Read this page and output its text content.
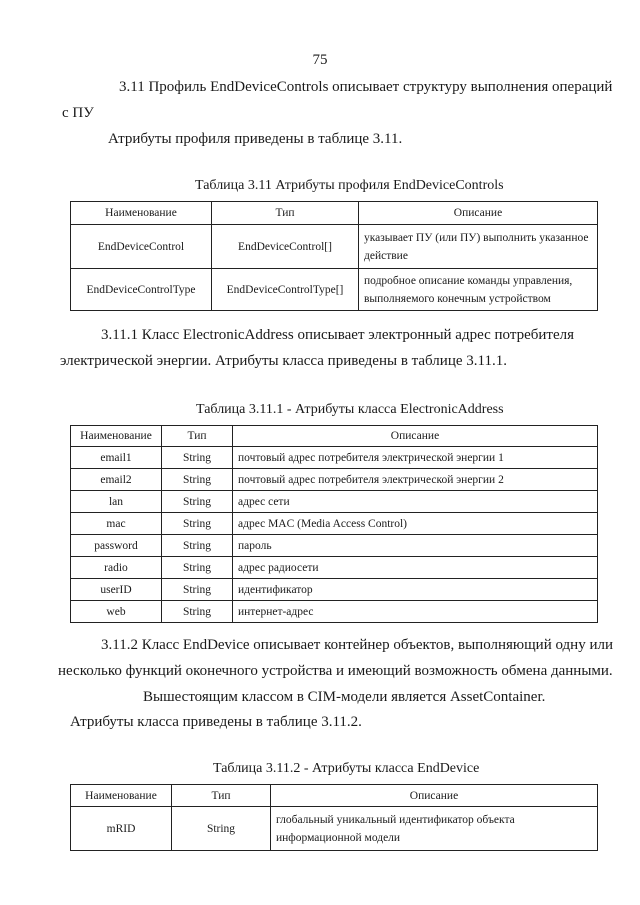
75
3.11 Профиль EndDeviceControls описывает структуру выполнения операций
с ПУ
Атрибуты профиля приведены в таблице 3.11.
Таблица 3.11 Атрибуты профиля EndDeviceControls
Наименование	Тип	Описание
EndDeviceControl	EndDeviceControl[]	указывает ПУ (или ПУ) выполнить указанное
действие

EndDeviceControlType	EndDeviceControlType[]	подробное описание команды управления,
выполняемого конечным устройством
3.11.1 Класс ElectronicAddress описывает электронный адрес потребителя
электрической энергии. Атрибуты класса приведены в таблице 3.11.1.
Таблица 3.11.1 - Атрибуты класса ElectronicAddress
Наименование	Тип	Описание
email1	String	почтовый адрес потребителя электрической энергии 1
email2	String	почтовый адрес потребителя электрической энергии 2
lan	String	адрес сети
mac	String	адрес MAC (Media Access Control)
password	String	пароль
radio	String	адрес радиосети
userID	String	идентификатор
web	String	интернет-адрес
3.11.2 Класс EndDevice описывает контейнер объектов, выполняющий одну или
несколько функций оконечного устройства и имеющий возможность обмена данными.
Вышестоящим классом в CIM-модели является AssetContainer.
Атрибуты класса приведены в таблице 3.11.2.
Таблица 3.11.2 - Атрибуты класса EndDevice
Наименование	Тип	Описание
mRID	String	глобальный уникальный идентификатор объекта
информационной модели
